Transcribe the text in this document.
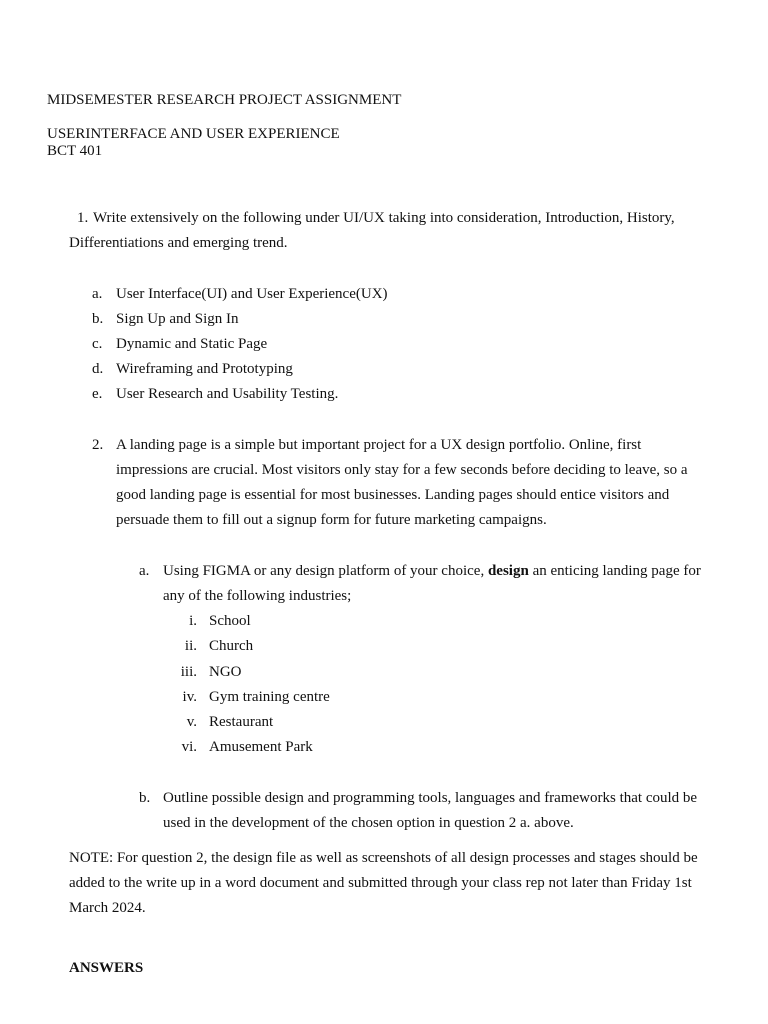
MIDSEMESTER RESEARCH PROJECT ASSIGNMENT
USERINTERFACE AND USER EXPERIENCE
BCT 401
1. Write extensively on the following under UI/UX taking into consideration, Introduction, History,
Differentiations and emerging trend.
a. User Interface(UI) and User Experience(UX)
b. Sign Up and Sign In
c. Dynamic and Static Page
d. Wireframing and Prototyping
e. User Research and Usability Testing.
2. A landing page is a simple but important project for a UX design portfolio. Online, first
impressions are crucial. Most visitors only stay for a few seconds before deciding to leave, so a
good landing page is essential for most businesses. Landing pages should entice visitors and
persuade them to fill out a signup form for future marketing campaigns.
a. Using FIGMA or any design platform of your choice, design an enticing landing page for
any of the following industries;
i. School
ii. Church
iii. NGO
iv. Gym training centre
v. Restaurant
vi. Amusement Park
b. Outline possible design and programming tools, languages and frameworks that could be
used in the development of the chosen option in question 2 a. above.
NOTE: For question 2, the design file as well as screenshots of all design processes and stages should be
added to the write up in a word document and submitted through your class rep not later than Friday 1st
March 2024.
ANSWERS
